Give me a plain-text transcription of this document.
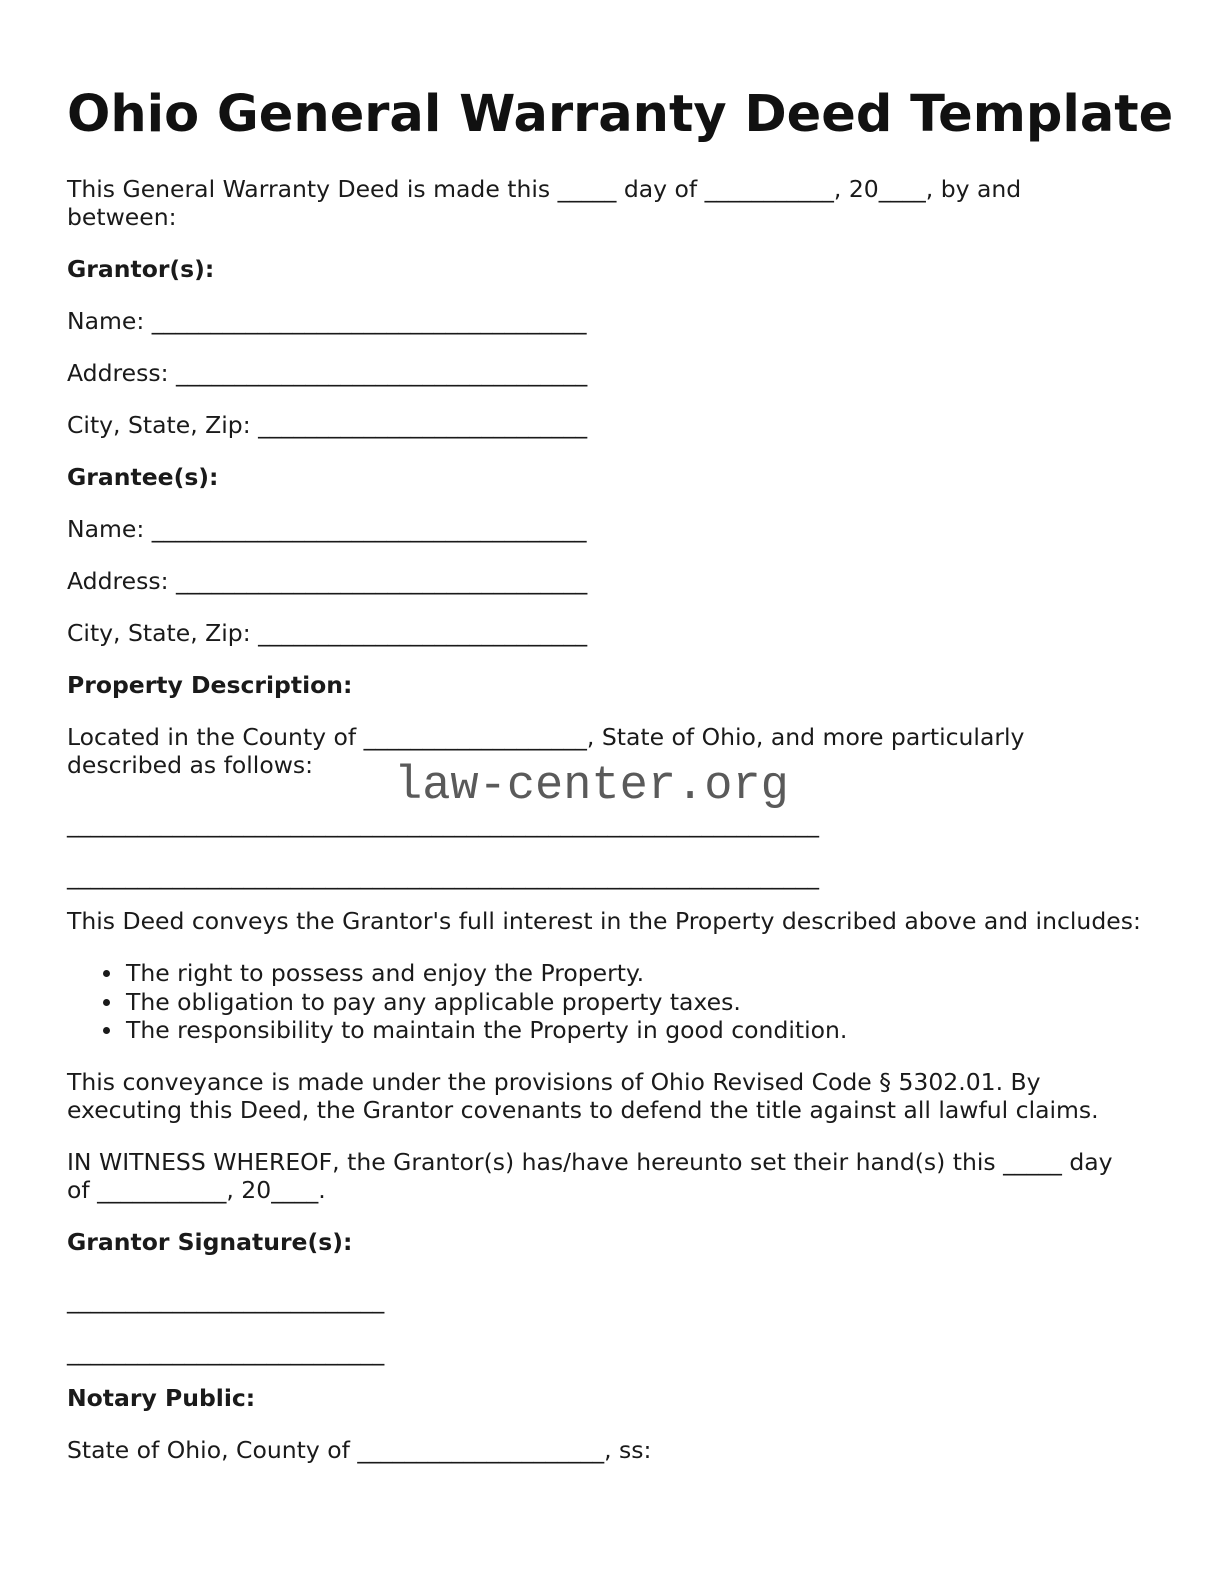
Ohio General Warranty Deed Template

This General Warranty Deed is made this _____ day of ___________, 20____, by and

between:

Grantor(s):

Name: _____________________________________

Address: ___________________________________

City, State, Zip: ____________________________

Grantee(s):

Name: _____________________________________

Address: ___________________________________

City, State, Zip: ____________________________

Property Description:

Located in the County of ___________________, State of Ohio, and more particularly

described as follows: law-center.org

________________________________________________________________

________________________________________________________________

This Deed conveys the Grantor's full interest in the Property described above and includes:

The right to possess and enjoy the Property.
The obligation to pay any applicable property taxes.
The responsibility to maintain the Property in good condition.

This conveyance is made under the provisions of Ohio Revised Code § 5302.01. By

executing this Deed, the Grantor covenants to defend the title against all lawful claims.

IN WITNESS WHEREOF, the Grantor(s) has/have hereunto set their hand(s) this _____ day

of ___________, 20____.

Grantor Signature(s):

___________________________

___________________________

Notary Public:

State of Ohio, County of _____________________, ss:
